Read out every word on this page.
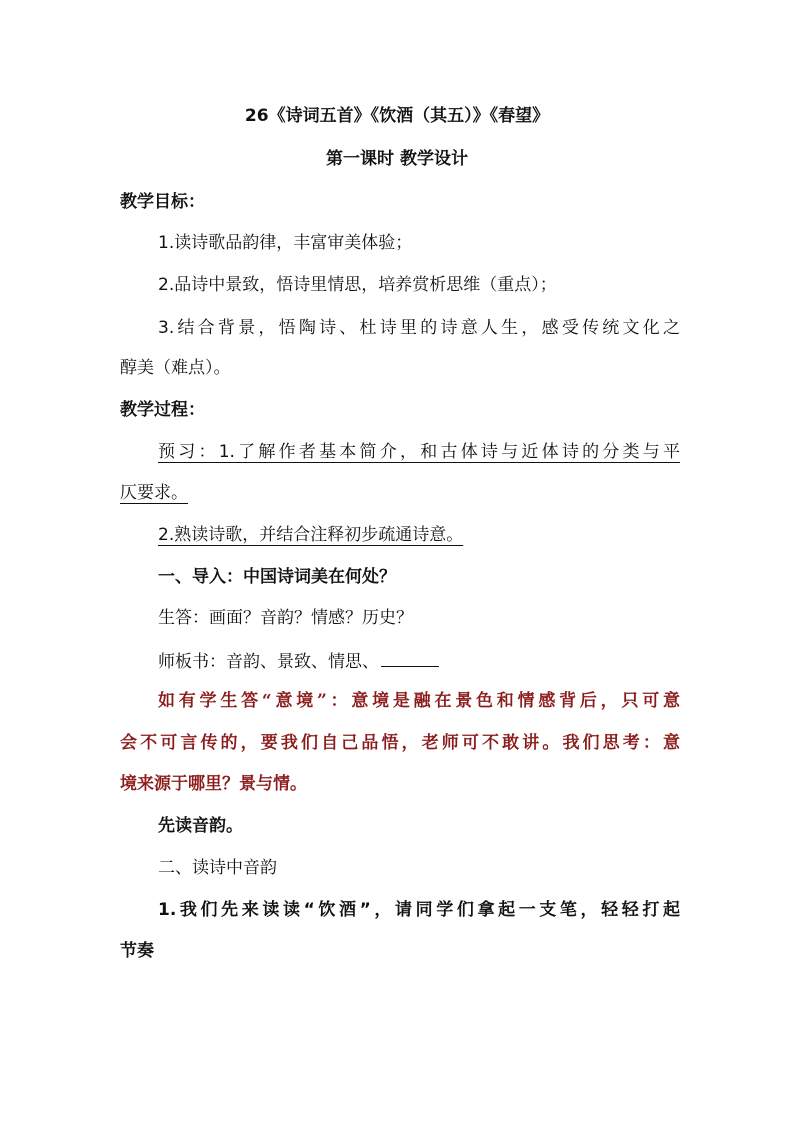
26《诗词五首》《饮酒（其五）》《春望》
第一课时 教学设计
教学目标：
1.读诗歌品韵律，丰富审美体验；
2.品诗中景致，悟诗里情思，培养赏析思维（重点）；
3.结合背景，悟陶诗、杜诗里的诗意人生，感受传统文化之
醇美（难点）。
教学过程：
预习：1.了解作者基本简介，和古体诗与近体诗的分类与平
仄要求。
2.熟读诗歌，并结合注释初步疏通诗意。
一、导入：中国诗词美在何处？
生答：画面？音韵？情感？历史？
师板书：音韵、景致、情思、
如有学生答“意境”：意境是融在景色和情感背后，只可意
会不可言传的，要我们自己品悟，老师可不敢讲。我们思考：意
境来源于哪里？景与情。
先读音韵。
二、读诗中音韵
1.我们先来读读“饮酒”，请同学们拿起一支笔，轻轻打起
节奏
